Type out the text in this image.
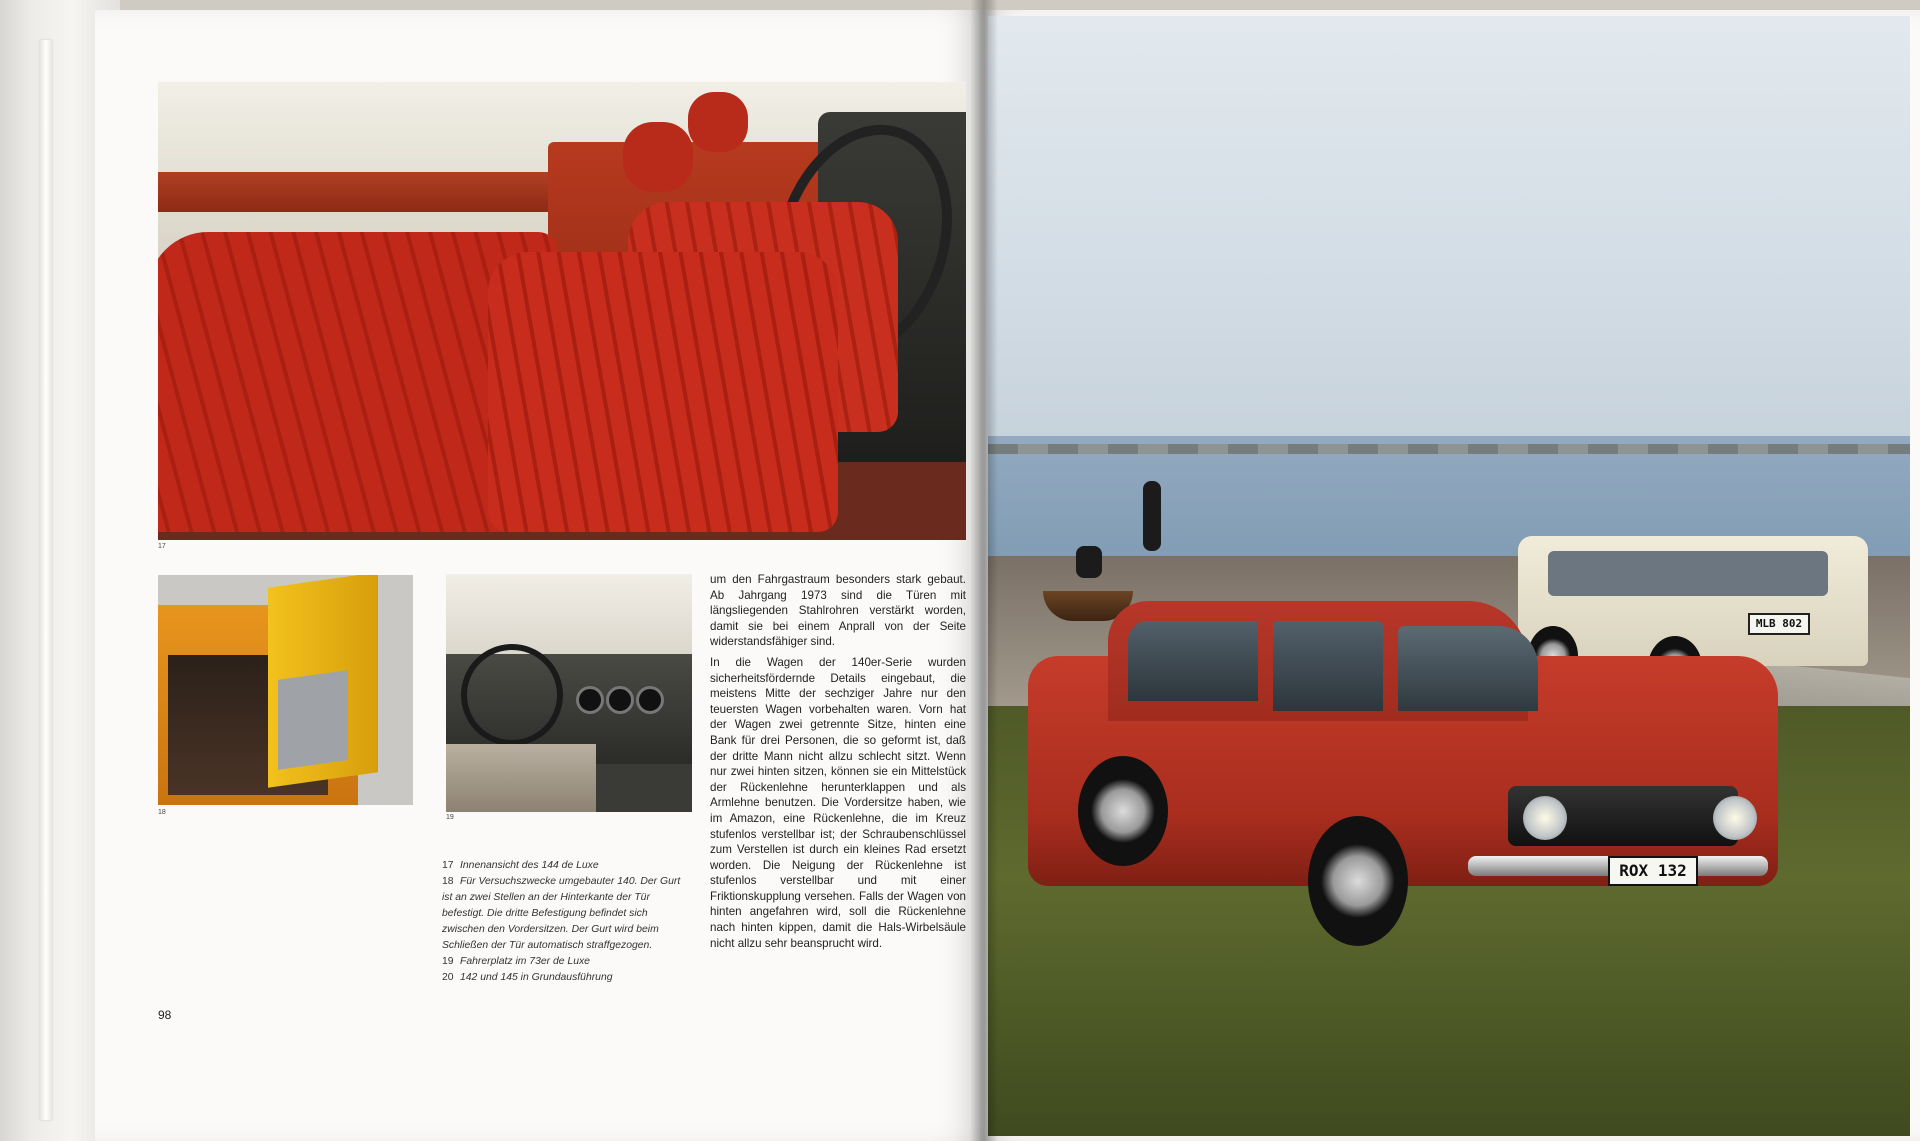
17
18
19
17 Innenansicht des 144 de Luxe
18 Für Versuchszwecke umgebauter 140. Der Gurt ist an zwei Stellen an der Hinterkante der Tür befestigt. Die dritte Befestigung befindet sich zwischen den Vordersitzen. Der Gurt wird beim Schließen der Tür automatisch straffgezogen.
19 Fahrerplatz im 73er de Luxe
20 142 und 145 in Grundausführung

um den Fahrgastraum besonders stark gebaut. Ab Jahrgang 1973 sind die Türen mit längsliegenden Stahlrohren verstärkt worden, damit sie bei einem Anprall von der Seite widerstandsfähiger sind.

In die Wagen der 140er-Serie wurden sicherheitsfördernde Details eingebaut, die meistens Mitte der sechziger Jahre nur den teuersten Wagen vorbehalten waren. Vorn hat der Wagen zwei getrennte Sitze, hinten eine Bank für drei Personen, die so geformt ist, daß der dritte Mann nicht allzu schlecht sitzt. Wenn nur zwei hinten sitzen, können sie ein Mittelstück der Rückenlehne herunterklappen und als Armlehne benutzen. Die Vordersitze haben, wie im Amazon, eine Rückenlehne, die im Kreuz stufenlos verstellbar ist; der Schraubenschlüssel zum Verstellen ist durch ein kleines Rad ersetzt worden. Die Neigung der Rückenlehne ist stufenlos verstellbar und mit einer Friktionskupplung versehen. Falls der Wagen von hinten angefahren wird, soll die Rückenlehne nach hinten kippen, damit die Hals-Wirbelsäule nicht allzu sehr beansprucht wird.

98
MLB 802
ROX 132
